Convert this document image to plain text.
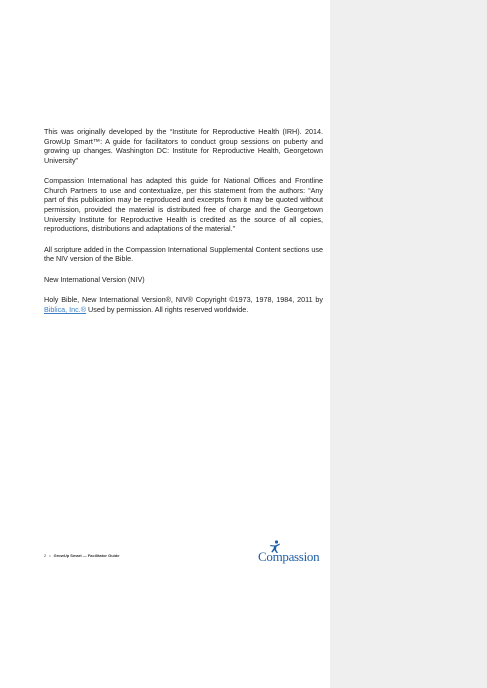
This was originally developed by the “Institute for Reproductive Health (IRH). 2014. GrowUp Smart™: A guide for facilitators to conduct group sessions on puberty and growing up changes. Washington DC: Institute for Reproductive Health, Georgetown University”

Compassion International has adapted this guide for National Offices and Frontline Church Partners to use and contextualize, per this statement from the authors: “Any part of this publication may be reproduced and excerpts from it may be quoted without permission, provided the material is distributed free of charge and the Georgetown University Institute for Reproductive Health is credited as the source of all copies, reproductions, distributions and adaptations of the material.”

All scripture added in the Compassion International Supplemental Content sections use the NIV version of the Bible.

New International Version (NIV)

Holy Bible, New International Version®, NIV® Copyright ©1973, 1978, 1984, 2011 by Biblica, Inc.® Used by permission. All rights reserved worldwide.

2 • GrowUp Smart — Facilitator Guide	Compassion
